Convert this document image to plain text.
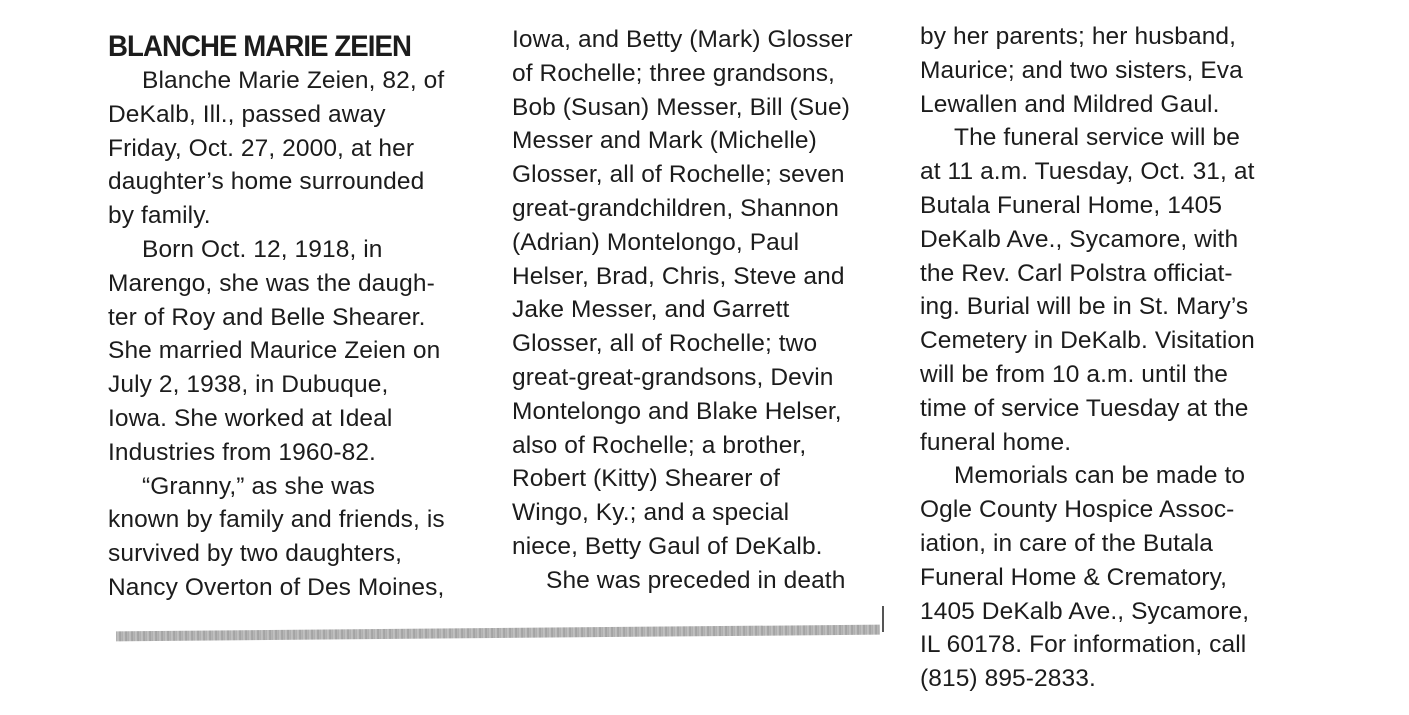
BLANCHE MARIE ZEIEN
Blanche Marie Zeien, 82, of
DeKalb, Ill., passed away
Friday, Oct. 27, 2000, at her
daughter’s home surrounded
by family.
Born Oct. 12, 1918, in
Marengo, she was the daugh-
ter of Roy and Belle Shearer.
She married Maurice Zeien on
July 2, 1938, in Dubuque,
Iowa. She worked at Ideal
Industries from 1960-82.
“Granny,” as she was
known by family and friends, is
survived by two daughters,
Nancy Overton of Des Moines,
Iowa, and Betty (Mark) Glosser
of Rochelle; three grandsons,
Bob (Susan) Messer, Bill (Sue)
Messer and Mark (Michelle)
Glosser, all of Rochelle; seven
great-grandchildren, Shannon
(Adrian) Montelongo, Paul
Helser, Brad, Chris, Steve and
Jake Messer, and Garrett
Glosser, all of Rochelle; two
great-great-grandsons, Devin
Montelongo and Blake Helser,
also of Rochelle; a brother,
Robert (Kitty) Shearer of
Wingo, Ky.; and a special
niece, Betty Gaul of DeKalb.
She was preceded in death
by her parents; her husband,
Maurice; and two sisters, Eva
Lewallen and Mildred Gaul.
The funeral service will be
at 11 a.m. Tuesday, Oct. 31, at
Butala Funeral Home, 1405
DeKalb Ave., Sycamore, with
the Rev. Carl Polstra officiat-
ing. Burial will be in St. Mary’s
Cemetery in DeKalb. Visitation
will be from 10 a.m. until the
time of service Tuesday at the
funeral home.
Memorials can be made to
Ogle County Hospice Assoc-
iation, in care of the Butala
Funeral Home & Crematory,
1405 DeKalb Ave., Sycamore,
IL 60178. For information, call
(815) 895-2833.
